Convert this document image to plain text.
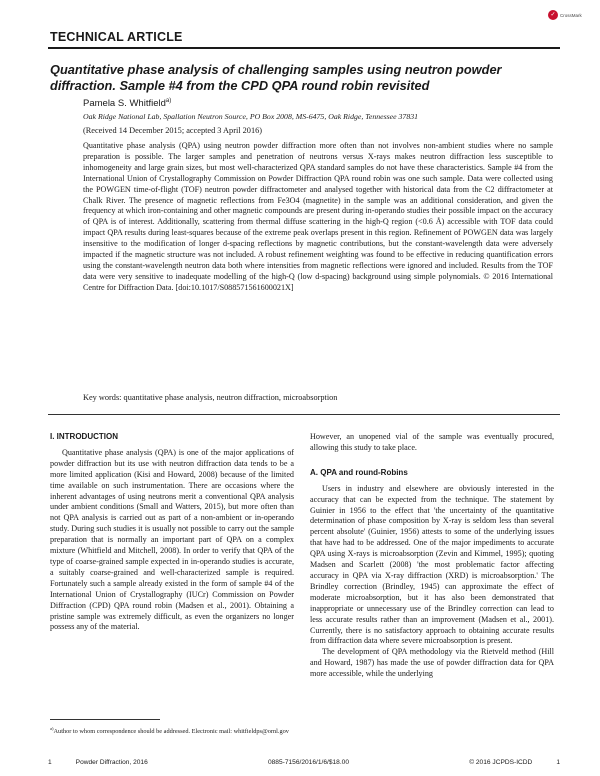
✓ CrossMark
TECHNICAL ARTICLE
Quantitative phase analysis of challenging samples using neutron powder diffraction. Sample #4 from the CPD QPA round robin revisited
Pamela S. Whitfield$^{a)}$
Oak Ridge National Lab, Spallation Neutron Source, PO Box 2008, MS-6475, Oak Ridge, Tennessee 37831
(Received 14 December 2015; accepted 3 April 2016)

Quantitative phase analysis (QPA) using neutron powder diffraction more often than not involves non-ambient studies where no sample preparation is possible. The larger samples and penetration of neutrons versus X-rays makes neutron diffraction less susceptible to inhomogeneity and large grain sizes, but most well-characterized QPA standard samples do not have these characteristics. Sample #4 from the International Union of Crystallography Commission on Powder Diffraction QPA round robin was one such sample. Data were collected using the POWGEN time-of-flight (TOF) neutron powder diffractometer and analysed together with historical data from the C2 diffractometer at Chalk River. The presence of magnetic reflections from Fe3O4 (magnetite) in the sample was an additional consideration, and given the frequency at which iron-containing and other magnetic compounds are present during in-operando studies their possible impact on the accuracy of QPA is of interest. Additionally, scattering from thermal diffuse scattering in the high-Q region (<0.6 Å) accessible with TOF data could impact QPA results during least-squares because of the extreme peak overlaps present in this region. Refinement of POWGEN data was largely insensitive to the modification of longer d-spacing reflections by magnetic contributions, but the constant-wavelength data were adversely impacted if the magnetic structure was not included. A robust refinement weighting was found to be effective in reducing quantification errors using the constant-wavelength neutron data both where intensities from magnetic reflections were ignored and included. Results from the TOF data were very sensitive to inadequate modelling of the high-Q (low d-spacing) background using simple polynomials. © 2016 International Centre for Diffraction Data. [doi:10.1017/S088571561600021X]

Key words: quantitative phase analysis, neutron diffraction, microabsorption
I. INTRODUCTION

Quantitative phase analysis (QPA) is one of the major applications of powder diffraction but its use with neutron diffraction data tends to be a more limited application (Kisi and Howard, 2008) because of the limited time available on such instrumentation. There are occasions where the inherent advantages of using neutrons merit a conventional QPA analysis under ambient conditions (Small and Watters, 2015), but more often than not QPA analysis is carried out as part of a non-ambient or in-operando study. During such studies it is usually not possible to carry out the sample preparation that is normally an important part of QPA on a complex mixture (Whitfield and Mitchell, 2008). In order to verify that QPA of the type of coarse-grained sample expected in in-operando studies is accurate, a suitably coarse-grained and well-characterized sample is required. Fortunately such a sample already existed in the form of sample #4 of the International Union of Crystallography (IUCr) Commission on Powder Diffraction (CPD) QPA round robin (Madsen et al., 2001). Obtaining a pristine sample was extremely difficult, as even the organizers no longer possess any of the material.

However, an unopened vial of the sample was eventually procured, allowing this study to take place.

A. QPA and round-Robins

Users in industry and elsewhere are obviously interested in the accuracy that can be expected from the technique. The statement by Guinier in 1956 to the effect that 'the uncertainty of the quantitative determination of phase composition by X-ray is seldom less than several percent absolute' (Guinier, 1956) attests to some of the underlying issues that have had to be addressed. One of the major impediments to accurate QPA using X-rays is microabsorption (Zevin and Kimmel, 1995); quoting Madsen and Scarlett (2008) 'the most problematic factor affecting accuracy in QPA via X-ray diffraction (XRD) is microabsorption.' The Brindley correction (Brindley, 1945) can approximate the effect of moderate microabsorption, but it has also been demonstrated that inappropriate or unnecessary use of the Brindley correction can lead to less accurate results rather than an improvement (Madsen et al., 2001). Currently, there is no satisfactory approach to obtaining accurate results from diffraction data where severe microabsorption is present.

The development of QPA methodology via the Rietveld method (Hill and Howard, 1987) has made the use of powder diffraction data for QPA more accessible, while the underlying

$^{a)}$Author to whom correspondence should be addressed. Electronic mail: whitfieldps@ornl.gov
1	Powder Diffraction, 2016	0885-7156/2016/1/6/$18.00	© 2016 JCPDS-ICDD	1
